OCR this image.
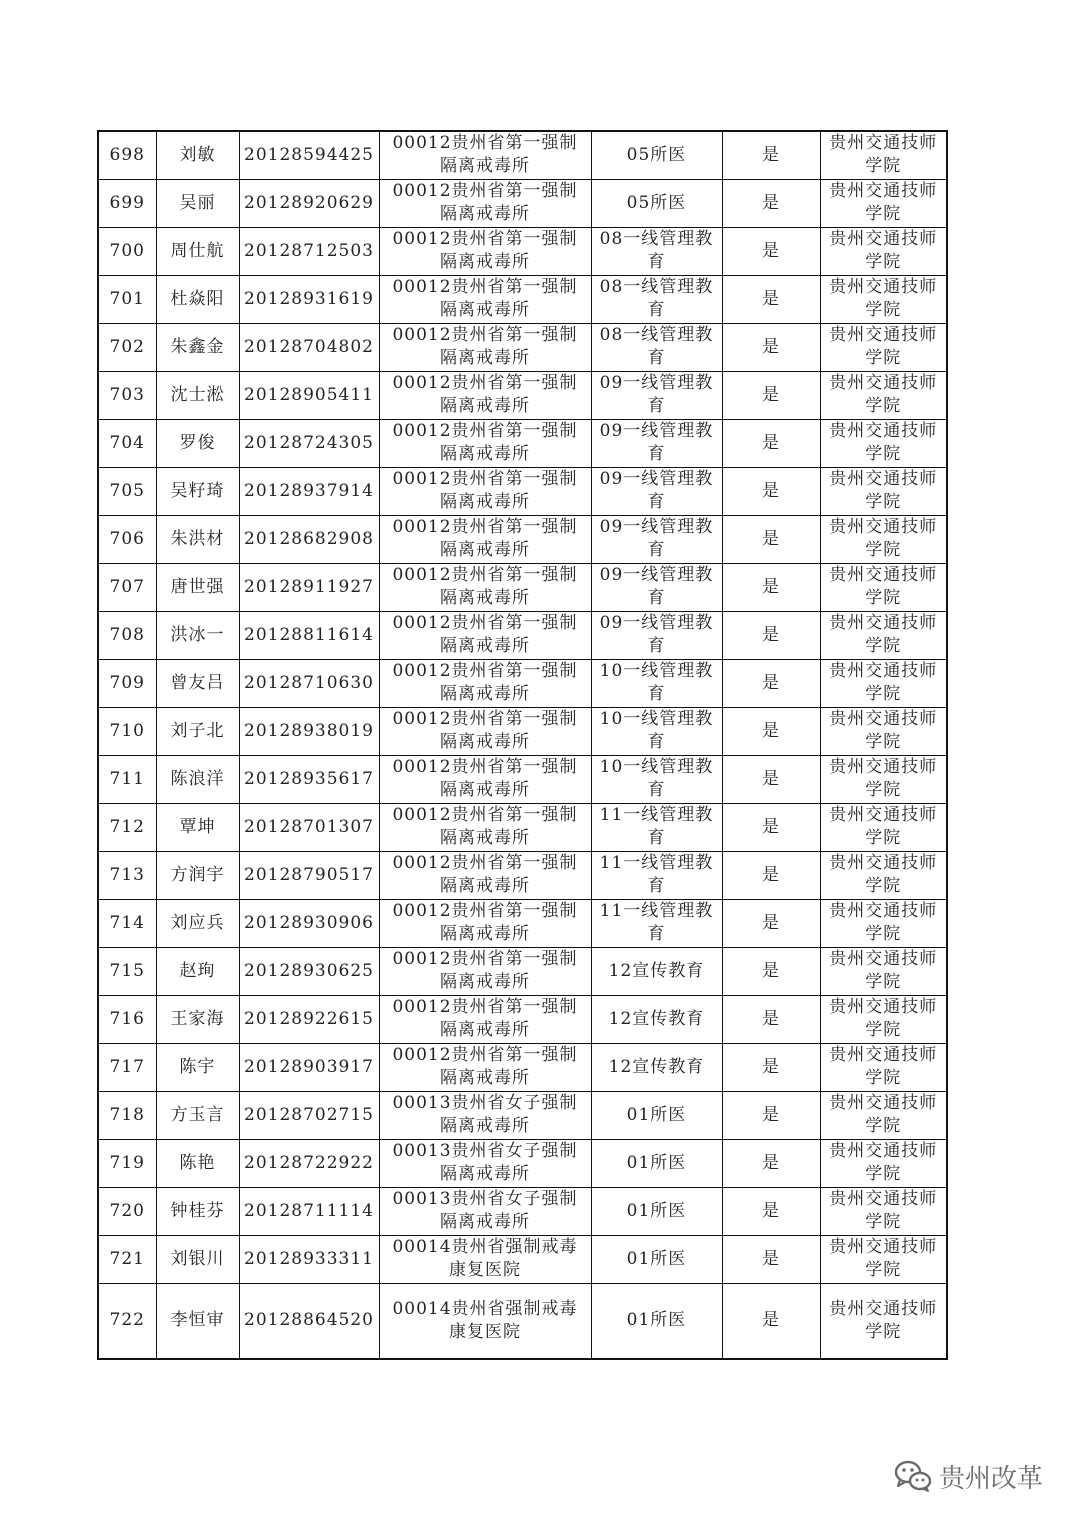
698	刘敏	20128594425	00012贵州省第一强制隔离戒毒所	05所医	是	贵州交通技师学院
699	吴丽	20128920629	00012贵州省第一强制隔离戒毒所	05所医	是	贵州交通技师学院
700	周仕航	20128712503	00012贵州省第一强制隔离戒毒所	08一线管理教育	是	贵州交通技师学院
701	杜焱阳	20128931619	00012贵州省第一强制隔离戒毒所	08一线管理教育	是	贵州交通技师学院
702	朱鑫金	20128704802	00012贵州省第一强制隔离戒毒所	08一线管理教育	是	贵州交通技师学院
703	沈士淞	20128905411	00012贵州省第一强制隔离戒毒所	09一线管理教育	是	贵州交通技师学院
704	罗俊	20128724305	00012贵州省第一强制隔离戒毒所	09一线管理教育	是	贵州交通技师学院
705	吴籽琦	20128937914	00012贵州省第一强制隔离戒毒所	09一线管理教育	是	贵州交通技师学院
706	朱洪材	20128682908	00012贵州省第一强制隔离戒毒所	09一线管理教育	是	贵州交通技师学院
707	唐世强	20128911927	00012贵州省第一强制隔离戒毒所	09一线管理教育	是	贵州交通技师学院
708	洪冰一	20128811614	00012贵州省第一强制隔离戒毒所	09一线管理教育	是	贵州交通技师学院
709	曾友吕	20128710630	00012贵州省第一强制隔离戒毒所	10一线管理教育	是	贵州交通技师学院
710	刘子北	20128938019	00012贵州省第一强制隔离戒毒所	10一线管理教育	是	贵州交通技师学院
711	陈浪洋	20128935617	00012贵州省第一强制隔离戒毒所	10一线管理教育	是	贵州交通技师学院
712	覃坤	20128701307	00012贵州省第一强制隔离戒毒所	11一线管理教育	是	贵州交通技师学院
713	方润宇	20128790517	00012贵州省第一强制隔离戒毒所	11一线管理教育	是	贵州交通技师学院
714	刘应兵	20128930906	00012贵州省第一强制隔离戒毒所	11一线管理教育	是	贵州交通技师学院
715	赵珣	20128930625	00012贵州省第一强制隔离戒毒所	12宣传教育	是	贵州交通技师学院
716	王家海	20128922615	00012贵州省第一强制隔离戒毒所	12宣传教育	是	贵州交通技师学院
717	陈宇	20128903917	00012贵州省第一强制隔离戒毒所	12宣传教育	是	贵州交通技师学院
718	方玉言	20128702715	00013贵州省女子强制隔离戒毒所	01所医	是	贵州交通技师学院
719	陈艳	20128722922	00013贵州省女子强制隔离戒毒所	01所医	是	贵州交通技师学院
720	钟桂芬	20128711114	00013贵州省女子强制隔离戒毒所	01所医	是	贵州交通技师学院
721	刘银川	20128933311	00014贵州省强制戒毒康复医院	01所医	是	贵州交通技师学院
722	李恒审	20128864520	00014贵州省强制戒毒康复医院	01所医	是	贵州交通技师学院
贵州改革
